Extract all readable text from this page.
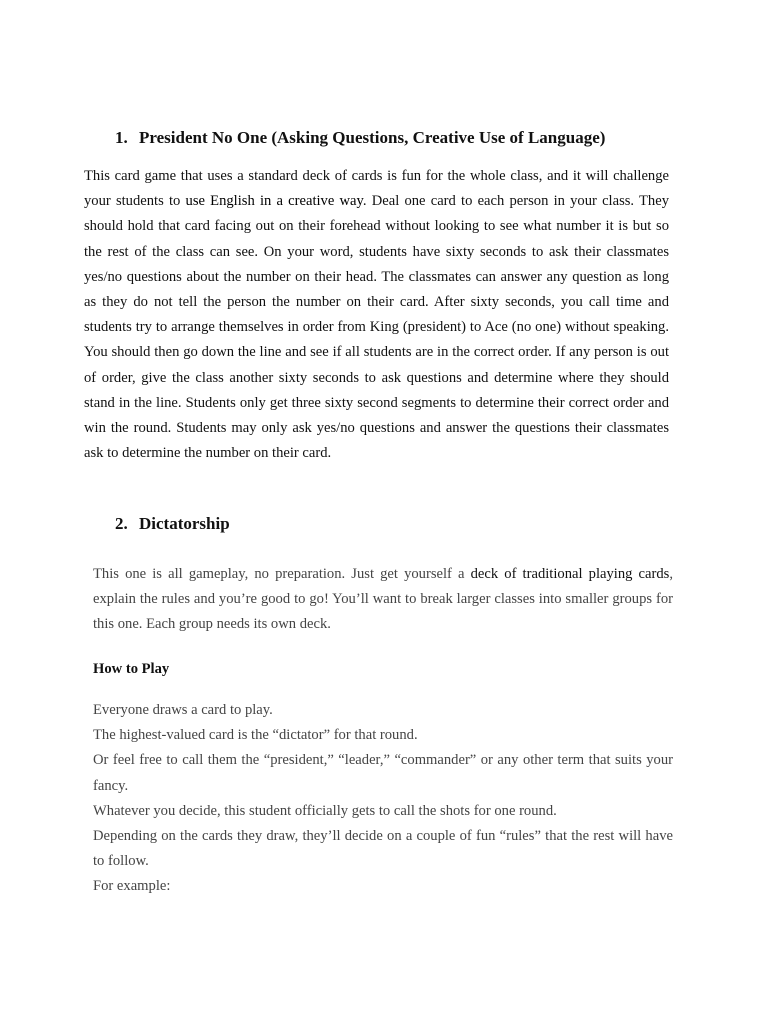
1. President No One (Asking Questions, Creative Use of Language)

This card game that uses a standard deck of cards is fun for the whole class, and it will challenge your students to use English in a creative way. Deal one card to each person in your class. They should hold that card facing out on their forehead without looking to see what number it is but so the rest of the class can see. On your word, students have sixty seconds to ask their classmates yes/no questions about the number on their head. The classmates can answer any question as long as they do not tell the person the number on their card. After sixty seconds, you call time and students try to arrange themselves in order from King (president) to Ace (no one) without speaking. You should then go down the line and see if all students are in the correct order. If any person is out of order, give the class another sixty seconds to ask questions and determine where they should stand in the line. Students only get three sixty second segments to determine their correct order and win the round. Students may only ask yes/no questions and answer the questions their classmates ask to determine the number on their card.

2. Dictatorship

This one is all gameplay, no preparation. Just get yourself a deck of traditional playing cards, explain the rules and you’re good to go! You’ll want to break larger classes into smaller groups for this one. Each group needs its own deck.

How to Play
Everyone draws a card to play.
The highest-valued card is the “dictator” for that round.
Or feel free to call them the “president,” “leader,” “commander” or any other term that suits your fancy.
Whatever you decide, this student officially gets to call the shots for one round.
Depending on the cards they draw, they’ll decide on a couple of fun “rules” that the rest will have to follow.
For example:
